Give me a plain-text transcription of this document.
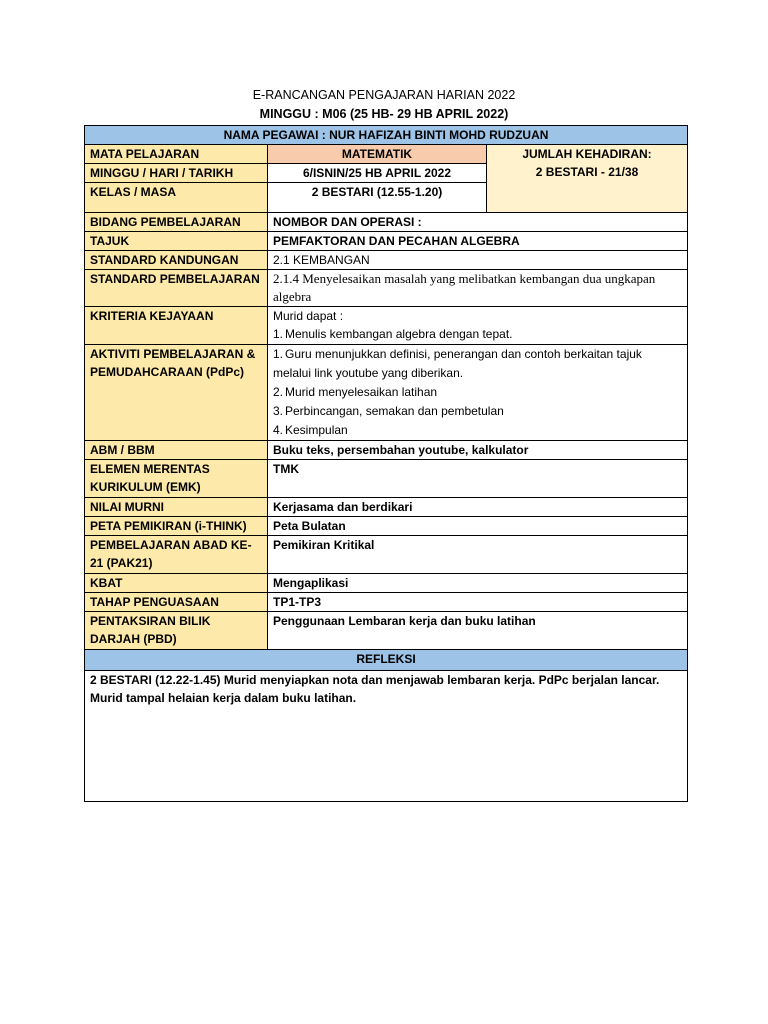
E-RANCANGAN PENGAJARAN HARIAN 2022
MINGGU : M06 (25 HB- 29 HB APRIL 2022)
NAMA PEGAWAI : NUR HAFIZAH BINTI MOHD RUDZUAN		
MATA PELAJARAN	MATEMATIK	JUMLAH KEHADIRAN:
2 BESTARI - 21/38

MINGGU / HARI / TARIKH	6/ISNIN/25 HB APRIL 2022	
KELAS / MASA	2 BESTARI (12.55-1.20)	
BIDANG PEMBELAJARAN	NOMBOR DAN OPERASI :	
TAJUK	PEMFAKTORAN DAN PECAHAN ALGEBRA	
STANDARD KANDUNGAN	2.1 KEMBANGAN	
STANDARD PEMBELAJARAN	2.1.4 Menyelesaikan masalah yang melibatkan kembangan dua ungkapan algebra	
KRITERIA KEJAYAAN	Murid dapat :
1. Menulis kembangan algebra dengan tepat.	

AKTIVITI PEMBELAJARAN & PEMUDAHCARAAN (PdPc)	1. Guru menunjukkan definisi, penerangan dan contoh berkaitan tajuk
melalui link youtube yang diberikan.
2. Murid menyelesaikan latihan
3. Perbincangan, semakan dan pembetulan
4. Kesimpulan	

ABM / BBM	Buku teks, persembahan youtube, kalkulator	
ELEMEN MERENTAS KURIKULUM (EMK)	TMK	
NILAI MURNI	Kerjasama dan berdikari	
PETA PEMIKIRAN (i-THINK)	Peta Bulatan	
PEMBELAJARAN ABAD KE-21 (PAK21)	Pemikiran Kritikal	
KBAT	Mengaplikasi	
TAHAP PENGUASAAN	TP1-TP3	
PENTAKSIRAN BILIK DARJAH (PBD)	Penggunaan Lembaran kerja dan buku latihan	
REFLEKSI		
2 BESTARI (12.22-1.45) Murid menyiapkan nota dan menjawab lembaran kerja. PdPc berjalan lancar. Murid tampal helaian kerja dalam buku latihan.		
